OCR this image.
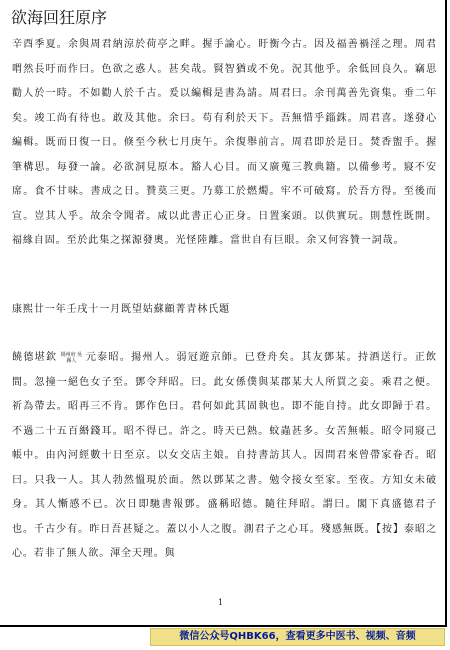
欲海回狂原序
辛酉季夏。余與周君納涼於荷亭之畔。握手論心。盱衡今古。因及福善禍淫之理。周君喟然長吁而作曰。色欲之惑人。甚矣哉。賢智猶或不免。況其他乎。余低回良久。竊思勸人於一時。不如勸人於千古。爰以編輯是書為請。周君曰。余刊萬善先資集。垂二年矣。竣工尚有待也。敢及其他。余曰。苟有利於天下。吾無惜乎錙銖。周君喜。遂發心編輯。既而日復一日。倏至今秋七月庚午。余復舉前言。周君即於是日。焚香盥手。握筆構思。每發一論。必欲洞見原本。豁人心目。而又廣蒐三教典籍。以備參考。寢不安席。食不甘味。書成之日。贊莫三更。乃募工於燃燭。牢不可破寫。於吾方得。至後而宣。豈其人乎。故余令聞者。咸以此書正心正身。日置案頭。以供實玩。則慧性既開。福緣自固。至於此集之探源發奧。光怪陸離。當世自有巨眼。余又何容贊一詞哉。
康熙廿一年壬戌十一月既望姑蘇顧菁青林氏題
饒德堪欽 揚州府 吳縣人 元泰昭。揚州人。弱冠遊京師。已登舟矣。其友鄧某。持酒送行。正飲間。忽撞一絕色女子至。鄧令拜昭。曰。此女係僕與某郡某大人所買之妾。乘君之便。祈為帶去。昭再三不肯。鄧作色曰。君何如此其固執也。即不能自持。此女即歸于君。不過二十五百緡錢耳。昭不得已。許之。時天已熱。蚊蟲甚多。女苦無帳。昭令同寢己帳中。由內河經數十日至京。以女交店主娘。自持書訪其人。因問君來曾帶家眷否。昭曰。只我一人。其人勃然慍現於面。然以鄧某之書。勉令接女至家。至夜。方知女未破身。其人慚感不已。次日即馳書報鄧。盛稱昭德。隨往拜昭。謂曰。閣下真盛德君子也。千古少有。昨日吾甚疑之。蓋以小人之腹。測君子之心耳。殘感無既。【按】泰昭之心。若非了無人欲。渾全天理。與
1
微信公众号QHBK66，查看更多中医书、视频、音频
